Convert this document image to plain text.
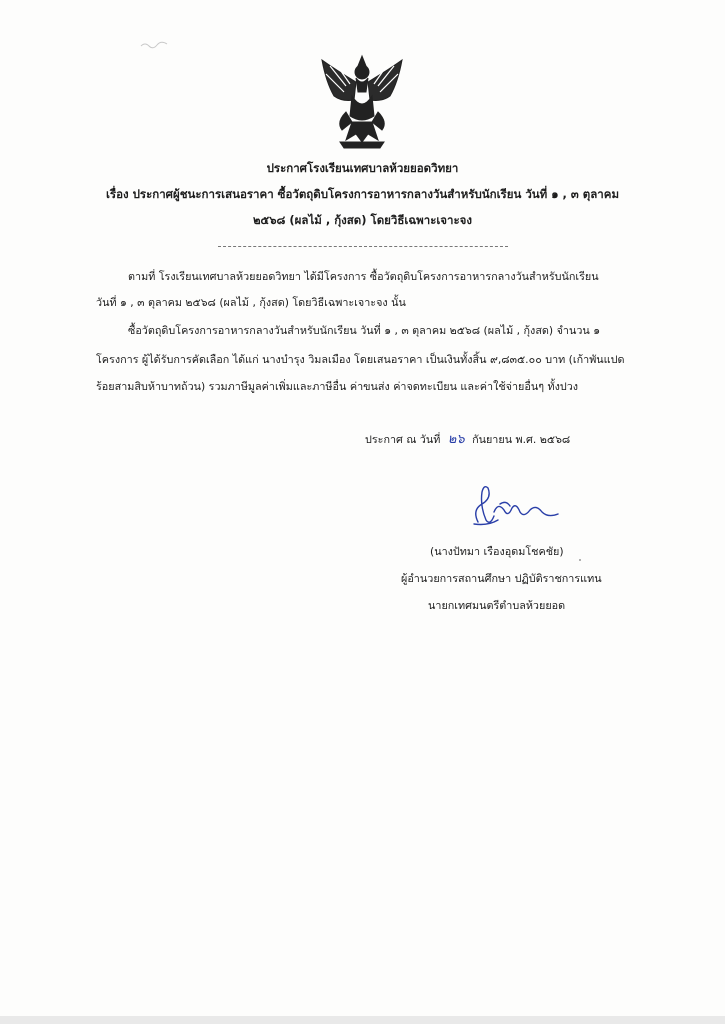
ประกาศโรงเรียนเทศบาลห้วยยอดวิทยา
เรื่อง ประกาศผู้ชนะการเสนอราคา ซื้อวัตถุดิบโครงการอาหารกลางวันสำหรับนักเรียน วันที่ ๑ , ๓ ตุลาคม
๒๕๖๘ (ผลไม้ , กุ้งสด) โดยวิธีเฉพาะเจาะจง
ตามที่ โรงเรียนเทศบาลห้วยยอดวิทยา ได้มีโครงการ ซื้อวัตถุดิบโครงการอาหารกลางวันสำหรับนักเรียน
วันที่ ๑ , ๓ ตุลาคม ๒๕๖๘ (ผลไม้ , กุ้งสด) โดยวิธีเฉพาะเจาะจง นั้น
ซื้อวัตถุดิบโครงการอาหารกลางวันสำหรับนักเรียน วันที่ ๑ , ๓ ตุลาคม ๒๕๖๘ (ผลไม้ , กุ้งสด) จำนวน ๑
โครงการ ผู้ได้รับการคัดเลือก ได้แก่ นางบำรุง วิมลเมือง โดยเสนอราคา เป็นเงินทั้งสิ้น ๙,๘๓๕.๐๐ บาท (เก้าพันแปด
ร้อยสามสิบห้าบาทถ้วน) รวมภาษีมูลค่าเพิ่มและภาษีอื่น ค่าขนส่ง ค่าจดทะเบียน และค่าใช้จ่ายอื่นๆ ทั้งปวง
ประกาศ ณ วันที่ ๒๖ กันยายน พ.ศ. ๒๕๖๘
(นางปัทมา เรืองอุดมโชคชัย)
ผู้อำนวยการสถานศึกษา ปฏิบัติราชการแทน
นายกเทศมนตรีตำบลห้วยยอด
